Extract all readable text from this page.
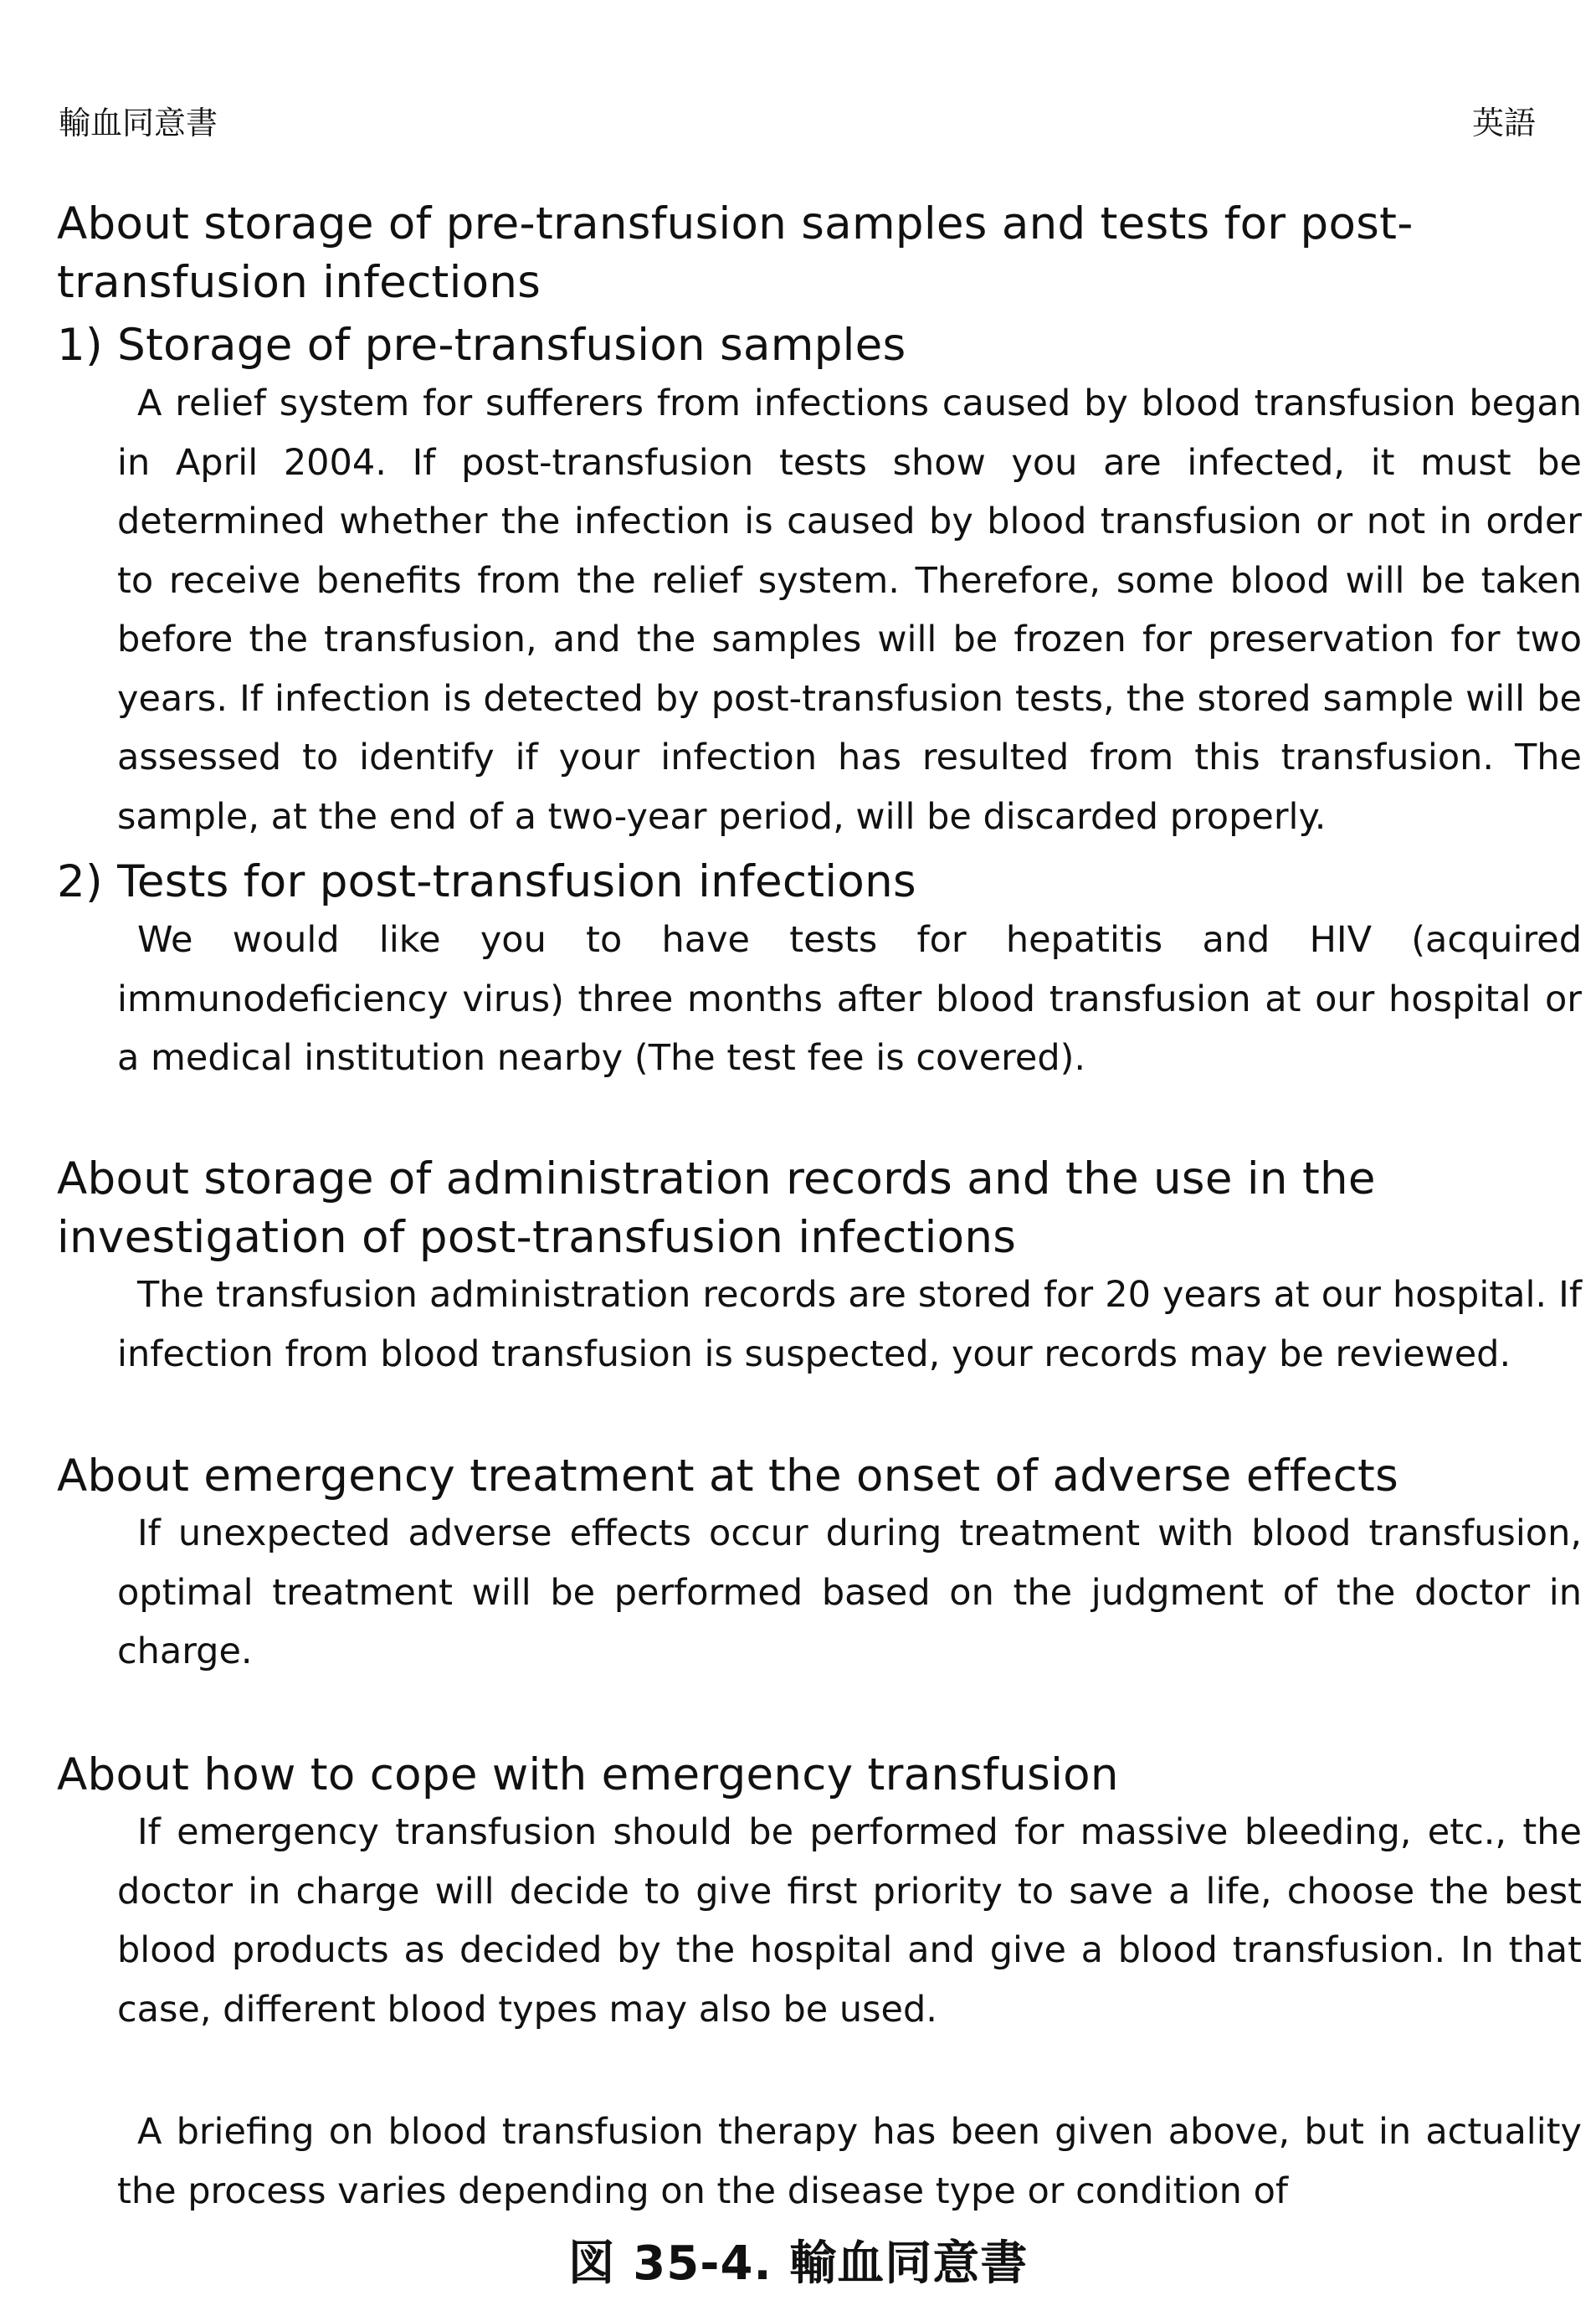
輸血同意書	英語
About storage of pre-transfusion samples and tests for post-transfusion infections
1) Storage of pre-transfusion samples

A relief system for sufferers from infections caused by blood transfusion began in April 2004. If post-transfusion tests show you are infected, it must be determined whether the infection is caused by blood transfusion or not in order to receive benefits from the relief system. Therefore, some blood will be taken before the transfusion, and the samples will be frozen for preservation for two years. If infection is detected by post-transfusion tests, the stored sample will be assessed to identify if your infection has resulted from this transfusion. The sample, at the end of a two-year period, will be discarded properly.

2) Tests for post-transfusion infections

We would like you to have tests for hepatitis and HIV (acquired immunodeficiency virus) three months after blood transfusion at our hospital or a medical institution nearby (The test fee is covered).

About storage of administration records and the use in the investigation of post-transfusion infections

The transfusion administration records are stored for 20 years at our hospital. If infection from blood transfusion is suspected, your records may be reviewed.

About emergency treatment at the onset of adverse effects

If unexpected adverse effects occur during treatment with blood transfusion, optimal treatment will be performed based on the judgment of the doctor in charge.

About how to cope with emergency transfusion

If emergency transfusion should be performed for massive bleeding, etc., the doctor in charge will decide to give first priority to save a life, choose the best blood products as decided by the hospital and give a blood transfusion. In that case, different blood types may also be used.

A briefing on blood transfusion therapy has been given above, but in actuality the process varies depending on the disease type or condition of

図 35-4. 輸血同意書
